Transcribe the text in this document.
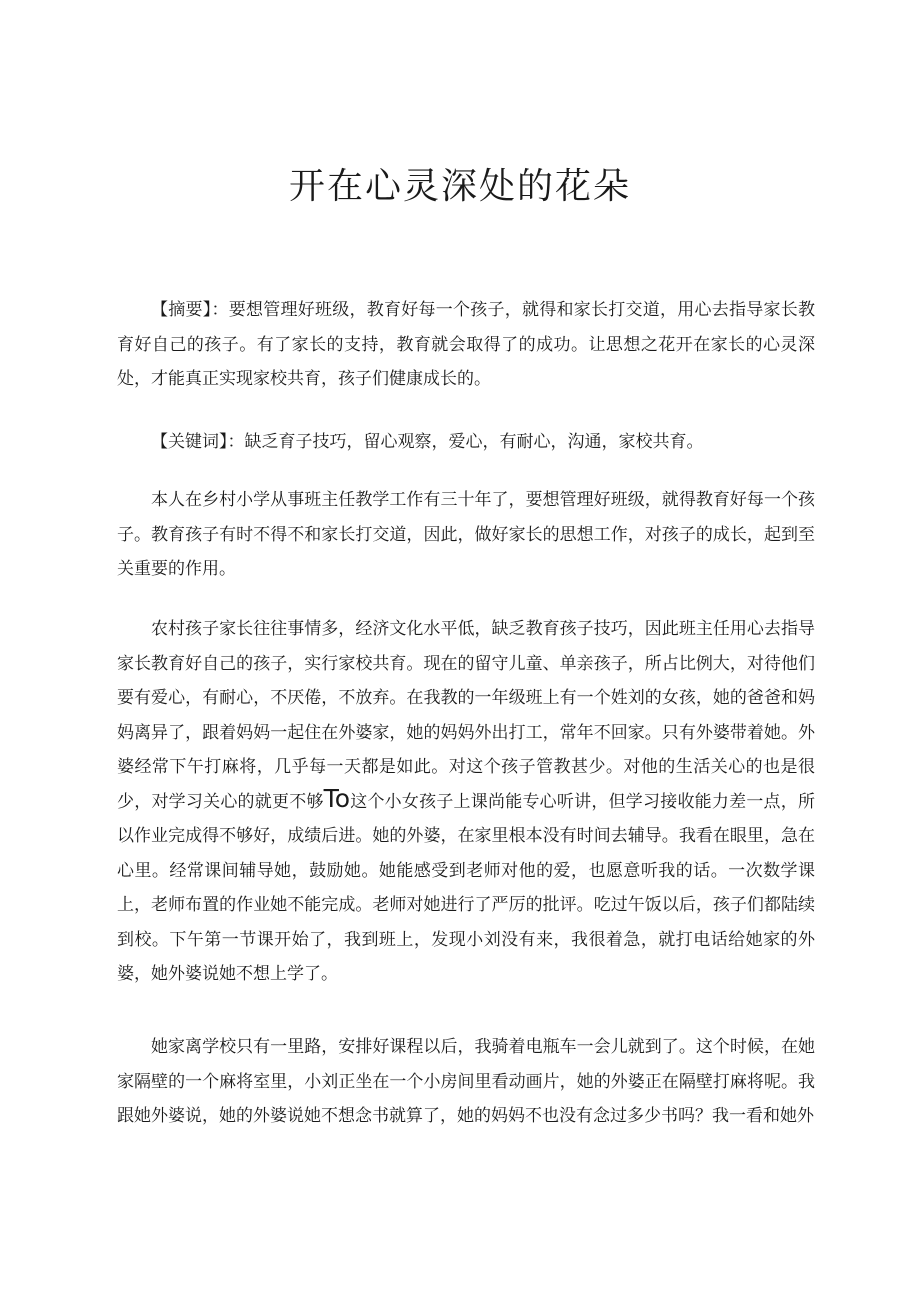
开在心灵深处的花朵

【摘要】：要想管理好班级，教育好每一个孩子，就得和家长打交道，用心去指导家长教育好自己的孩子。有了家长的支持，教育就会取得了的成功。让思想之花开在家长的心灵深处，才能真正实现家校共育，孩子们健康成长的。

【关键词】：缺乏育子技巧，留心观察，爱心，有耐心，沟通，家校共育。

本人在乡村小学从事班主任教学工作有三十年了，要想管理好班级，就得教育好每一个孩子。教育孩子有时不得不和家长打交道，因此，做好家长的思想工作，对孩子的成长，起到至关重要的作用。

农村孩子家长往往事情多，经济文化水平低，缺乏教育孩子技巧，因此班主任用心去指导家长教育好自己的孩子，实行家校共育。现在的留守儿童、单亲孩子，所占比例大，对待他们要有爱心，有耐心，不厌倦，不放弃。在我教的一年级班上有一个姓刘的女孩，她的爸爸和妈妈离异了，跟着妈妈一起住在外婆家，她的妈妈外出打工，常年不回家。只有外婆带着她。外婆经常下午打麻将，几乎每一天都是如此。对这个孩子管教甚少。对他的生活关心的也是很少，对学习关心的就更不够To这个小女孩子上课尚能专心听讲，但学习接收能力差一点，所以作业完成得不够好，成绩后进。她的外婆，在家里根本没有时间去辅导。我看在眼里，急在心里。经常课间辅导她，鼓励她。她能感受到老师对他的爱，也愿意听我的话。一次数学课上，老师布置的作业她不能完成。老师对她进行了严厉的批评。吃过午饭以后，孩子们都陆续到校。下午第一节课开始了，我到班上，发现小刘没有来，我很着急，就打电话给她家的外婆，她外婆说她不想上学了。

她家离学校只有一里路，安排好课程以后，我骑着电瓶车一会儿就到了。这个时候，在她家隔壁的一个麻将室里，小刘正坐在一个小房间里看动画片，她的外婆正在隔壁打麻将呢。我跟她外婆说，她的外婆说她不想念书就算了，她的妈妈不也没有念过多少书吗？我一看和她外
